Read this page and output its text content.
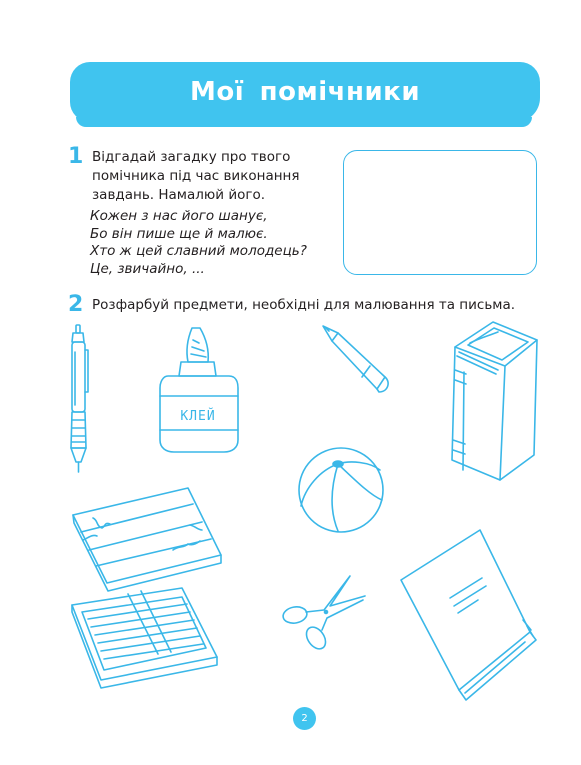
Мої помічники
1 Відгадай загадку про твого помічника під час виконання завдань. Намалюй його.
Кожен з нас його шанує,
Бо він пише ще й малює.
Хто ж цей славний молодець?
Це, звичайно, ...
2 Розфарбуй предмети, необхідні для малювання та письма.
КЛЕЙ
2
